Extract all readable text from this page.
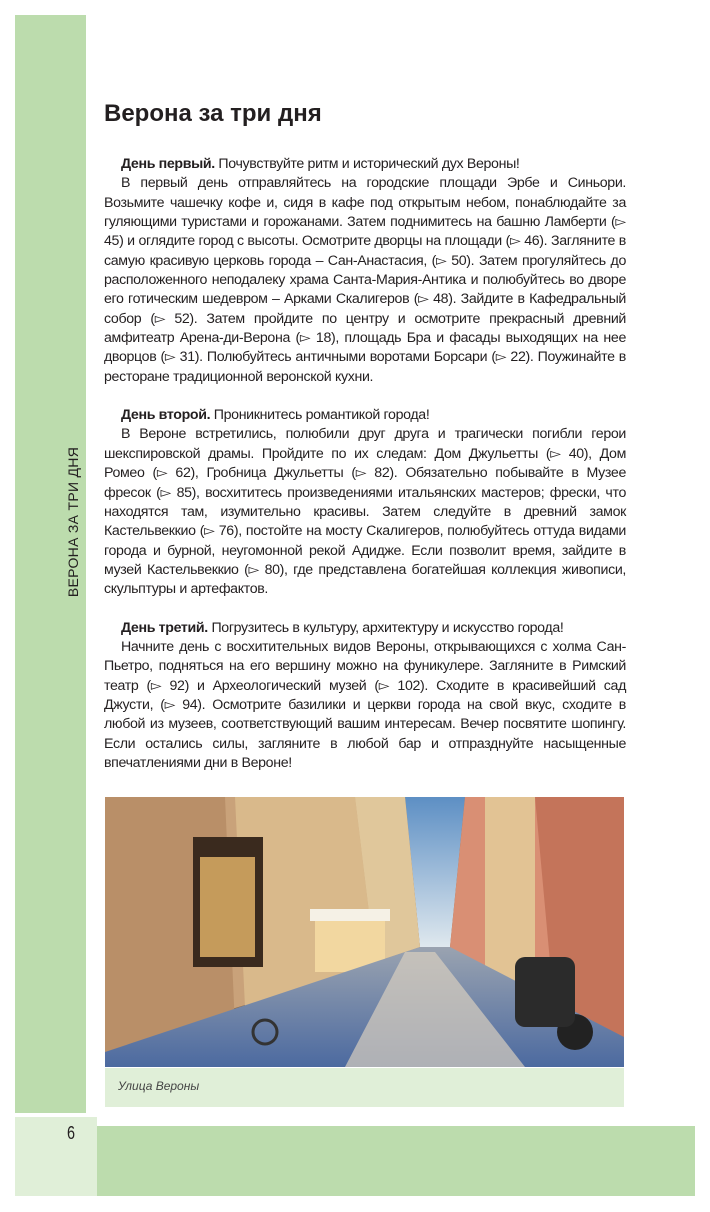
ВЕРОНА ЗА ТРИ ДНЯ
6
Верона за три дня

День первый. Почувствуйте ритм и исторический дух Вероны!

В первый день отправляйтесь на городские площади Эрбе и Синьори. Возьмите чашечку кофе и, сидя в кафе под открытым небом, понаблюдайте за гуляющими туристами и горожанами. Затем поднимитесь на башню Ламберти (▻ 45) и оглядите город с высоты. Осмотрите дворцы на площади (▻ 46). Загляните в самую красивую церковь города – Сан-Анастасия, (▻ 50). Затем прогуляйтесь до расположенного неподалеку храма Санта-Мария-Антика и полюбуйтесь во дворе его готическим шедевром – Арками Скалигеров (▻ 48). Зайдите в Кафедральный собор (▻ 52). Затем пройдите по центру и осмотрите прекрасный древний амфитеатр Арена-ди-Верона (▻ 18), площадь Бра и фасады выходящих на нее дворцов (▻ 31). Полюбуйтесь античными воротами Борсари (▻ 22). Поужинайте в ресторане традиционной веронской кухни.

День второй. Проникнитесь романтикой города!

В Вероне встретились, полюбили друг друга и трагически погибли герои шекспировской драмы. Пройдите по их следам: Дом Джульетты (▻ 40), Дом Ромео (▻ 62), Гробница Джульетты (▻ 82). Обязательно побывайте в Музее фресок (▻ 85), восхититесь произведениями итальянских мастеров; фрески, что находятся там, изумительно красивы. Затем следуйте в древний замок Кастельвеккио (▻ 76), постойте на мосту Скалигеров, полюбуйтесь оттуда видами города и бурной, неугомонной рекой Адидже. Если позволит время, зайдите в музей Кастельвеккио (▻ 80), где представлена богатейшая коллекция живописи, скульптуры и артефактов.

День третий. Погрузитесь в культуру, архитектуру и искусство города!

Начните день с восхитительных видов Вероны, открывающихся с холма Сан-Пьетро, подняться на его вершину можно на фуникулере. Загляните в Римский театр (▻ 92) и Археологический музей (▻ 102). Сходите в красивейший сад Джусти, (▻ 94). Осмотрите базилики и церкви города на свой вкус, сходите в любой из музеев, соответствующий вашим интересам. Вечер посвятите шопингу. Если остались силы, загляните в любой бар и отпразднуйте насыщенные впечатлениями дни в Вероне!

Улица Вероны
